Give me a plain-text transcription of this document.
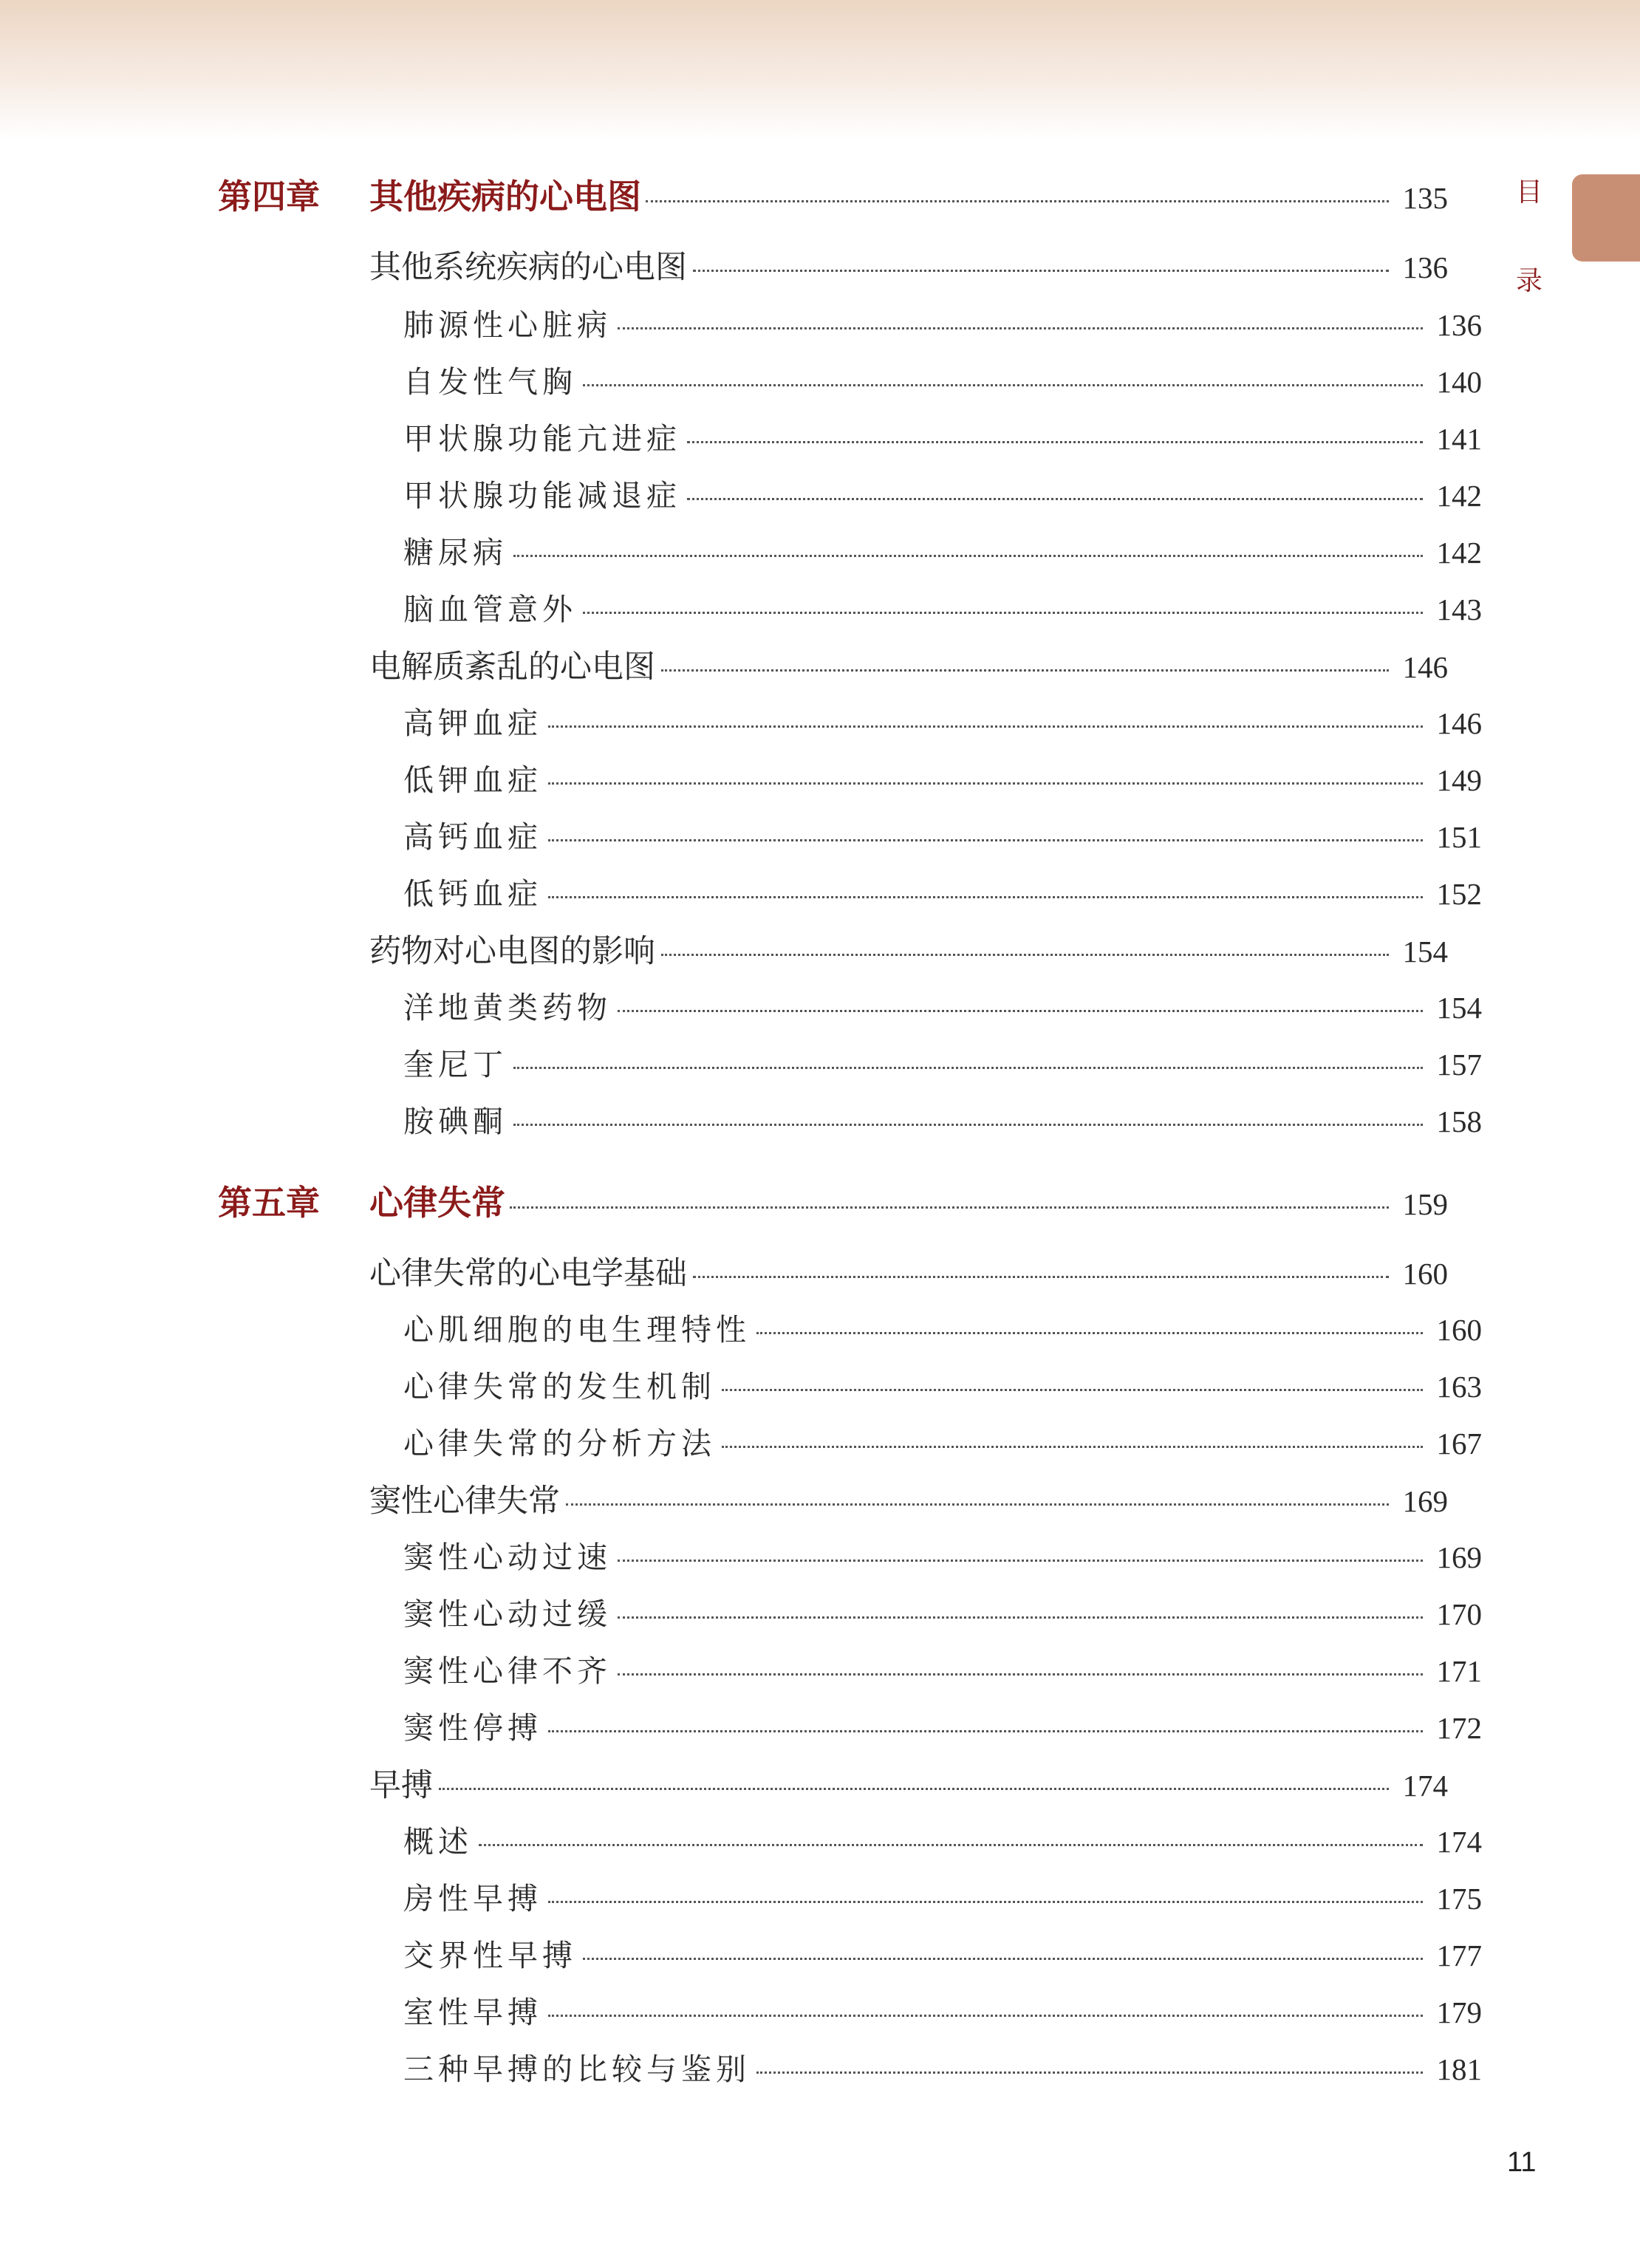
目
录
第四章	其他疾病的心电图	135
其他系统疾病的心电图	136
肺源性心脏病	136
自发性气胸	140
甲状腺功能亢进症	141
甲状腺功能减退症	142
糖尿病	142
脑血管意外	143
电解质紊乱的心电图	146
高钾血症	146
低钾血症	149
高钙血症	151
低钙血症	152
药物对心电图的影响	154
洋地黄类药物	154
奎尼丁	157
胺碘酮	158
第五章	心律失常	159
心律失常的心电学基础	160
心肌细胞的电生理特性	160
心律失常的发生机制	163
心律失常的分析方法	167
窦性心律失常	169
窦性心动过速	169
窦性心动过缓	170
窦性心律不齐	171
窦性停搏	172
早搏	174
概述	174
房性早搏	175
交界性早搏	177
室性早搏	179
三种早搏的比较与鉴别	181
11
